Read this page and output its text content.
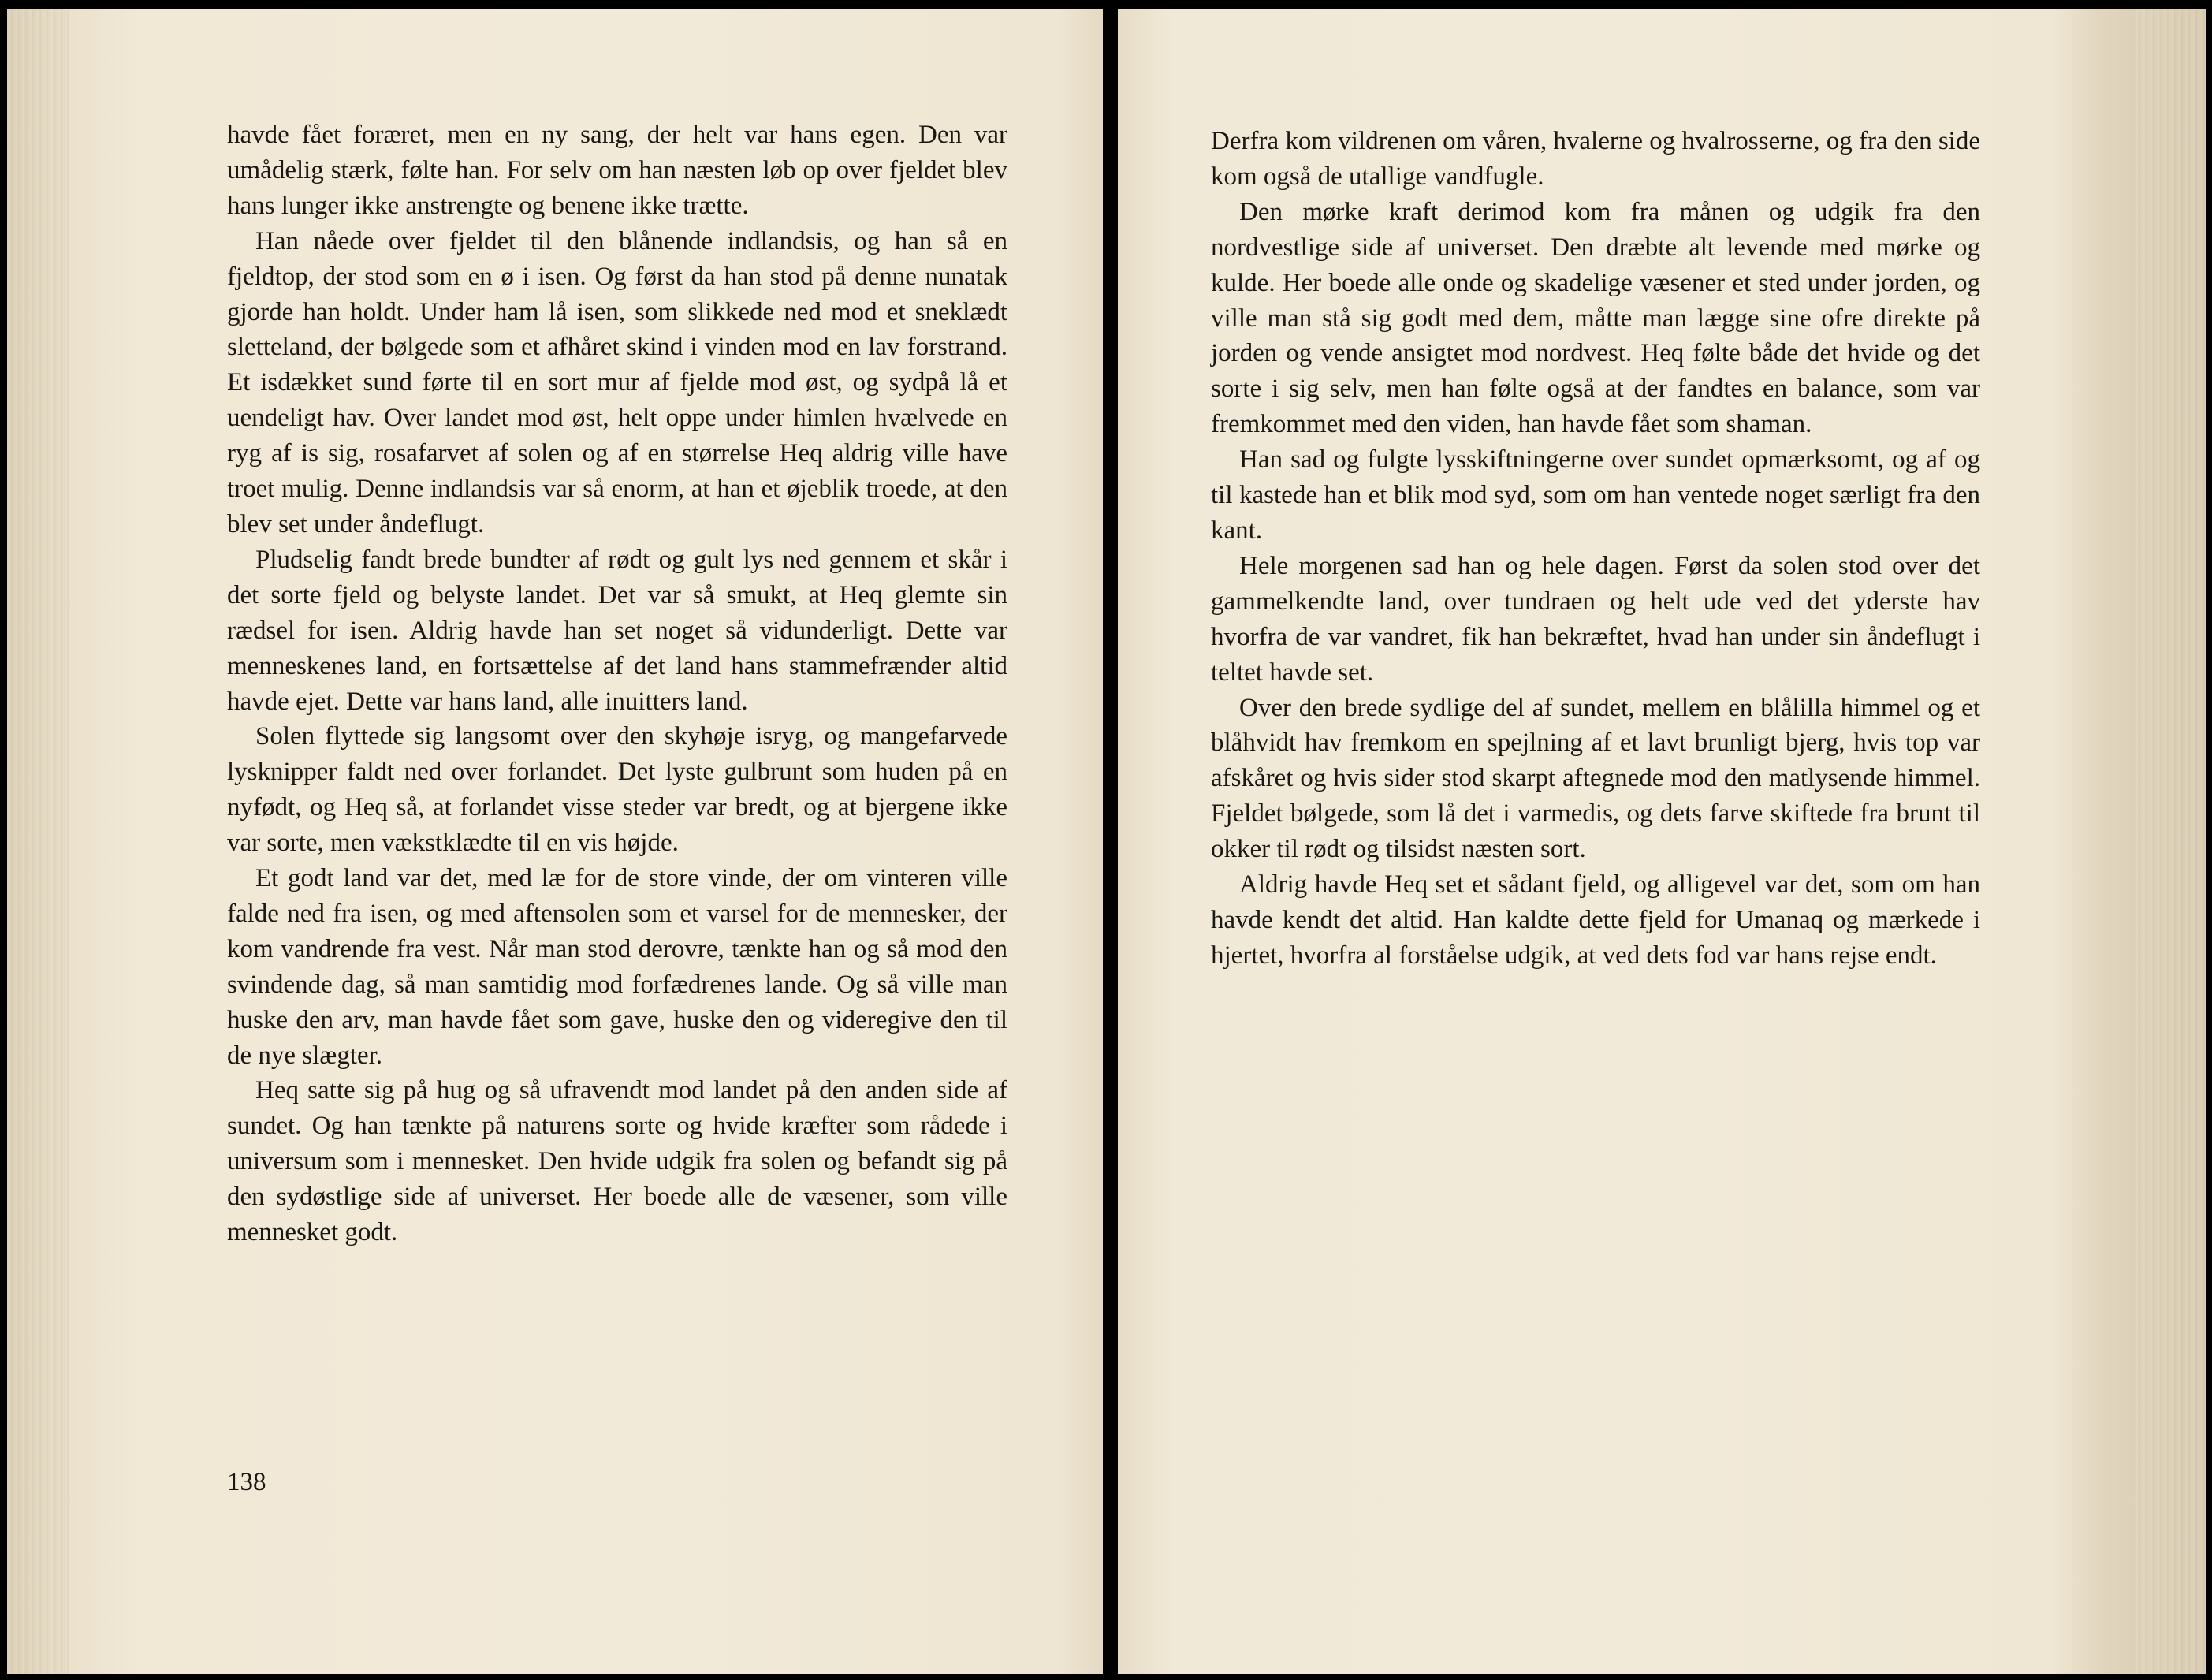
havde fået foræret, men en ny sang, der helt var hans egen. Den var umådelig stærk, følte han. For selv om han næsten løb op over fjeldet blev hans lunger ikke anstrengte og benene ikke trætte.

Han nåede over fjeldet til den blånende indlandsis, og han så en fjeldtop, der stod som en ø i isen. Og først da han stod på denne nunatak gjorde han holdt. Under ham lå isen, som slikkede ned mod et sneklædt sletteland, der bølgede som et afhåret skind i vinden mod en lav forstrand. Et isdækket sund førte til en sort mur af fjelde mod øst, og sydpå lå et uendeligt hav. Over landet mod øst, helt oppe under himlen hvælvede en ryg af is sig, rosafarvet af solen og af en størrelse Heq aldrig ville have troet mulig. Denne indlandsis var så enorm, at han et øjeblik troede, at den blev set under åndeflugt.

Pludselig fandt brede bundter af rødt og gult lys ned gennem et skår i det sorte fjeld og belyste landet. Det var så smukt, at Heq glemte sin rædsel for isen. Aldrig havde han set noget så vidunderligt. Dette var menneskenes land, en fortsættelse af det land hans stammefrænder altid havde ejet. Dette var hans land, alle inuitters land.

Solen flyttede sig langsomt over den skyhøje isryg, og mangefarvede lysknipper faldt ned over forlandet. Det lyste gulbrunt som huden på en nyfødt, og Heq så, at forlandet visse steder var bredt, og at bjergene ikke var sorte, men vækstklædte til en vis højde.

Et godt land var det, med læ for de store vinde, der om vinteren ville falde ned fra isen, og med aftensolen som et varsel for de mennesker, der kom vandrende fra vest. Når man stod derovre, tænkte han og så mod den svindende dag, så man samtidig mod forfædrenes lande. Og så ville man huske den arv, man havde fået som gave, huske den og videregive den til de nye slægter.

Heq satte sig på hug og så ufravendt mod landet på den anden side af sundet. Og han tænkte på naturens sorte og hvide kræfter som rådede i universum som i mennesket. Den hvide udgik fra solen og befandt sig på den sydøstlige side af universet. Her boede alle de væsener, som ville mennesket godt.

138

Derfra kom vildrenen om våren, hvalerne og hvalrosserne, og fra den side kom også de utallige vandfugle.

Den mørke kraft derimod kom fra månen og udgik fra den nordvestlige side af universet. Den dræbte alt levende med mørke og kulde. Her boede alle onde og skadelige væsener et sted under jorden, og ville man stå sig godt med dem, måtte man lægge sine ofre direkte på jorden og vende ansigtet mod nordvest. Heq følte både det hvide og det sorte i sig selv, men han følte også at der fandtes en balance, som var fremkommet med den viden, han havde fået som shaman.

Han sad og fulgte lysskiftningerne over sundet opmærksomt, og af og til kastede han et blik mod syd, som om han ventede noget særligt fra den kant.

Hele morgenen sad han og hele dagen. Først da solen stod over det gammelkendte land, over tundraen og helt ude ved det yderste hav hvorfra de var vandret, fik han bekræftet, hvad han under sin åndeflugt i teltet havde set.

Over den brede sydlige del af sundet, mellem en blålilla himmel og et blåhvidt hav fremkom en spejlning af et lavt brunligt bjerg, hvis top var afskåret og hvis sider stod skarpt aftegnede mod den matlysende himmel. Fjeldet bølgede, som lå det i varmedis, og dets farve skiftede fra brunt til okker til rødt og tilsidst næsten sort.

Aldrig havde Heq set et sådant fjeld, og alligevel var det, som om han havde kendt det altid. Han kaldte dette fjeld for Umanaq og mærkede i hjertet, hvorfra al forståelse udgik, at ved dets fod var hans rejse endt.
